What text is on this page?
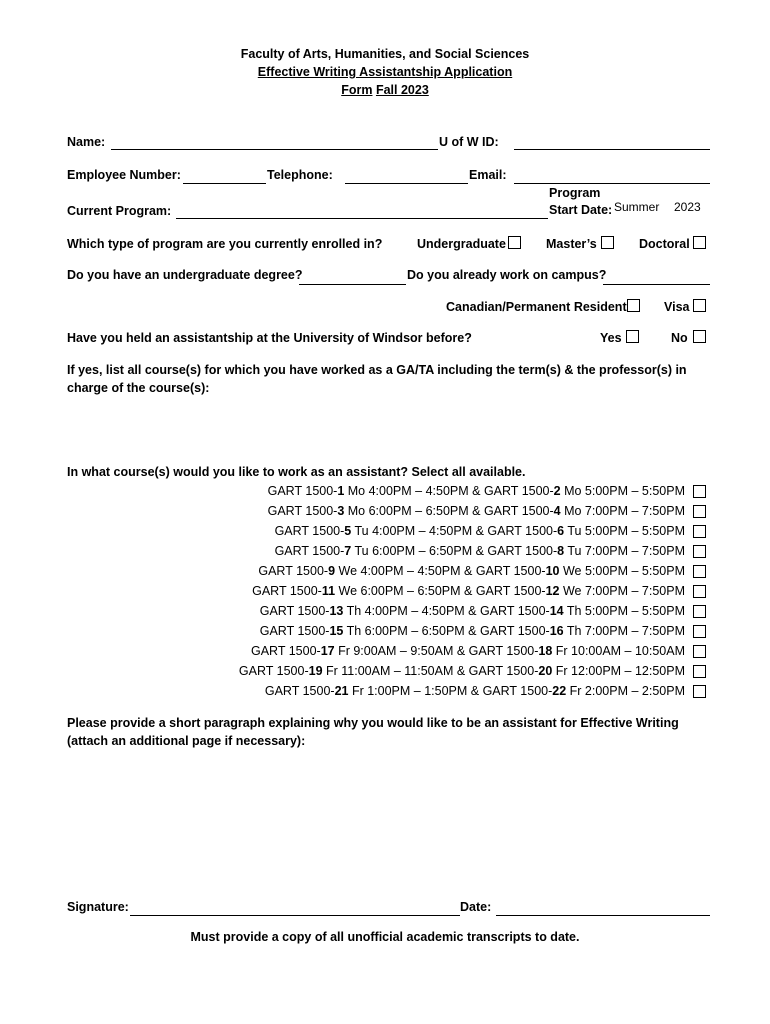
Faculty of Arts, Humanities, and Social Sciences
Effective Writing Assistantship Application
Form Fall 2023
Name:	U of W ID:
Employee Number:	Telephone:	Email:
Current Program:
Program
Start Date: Summer 2023
Which type of program are you currently enrolled in?	Undergraduate	Master’s	Doctoral
Do you have an undergraduate degree?	Do you already work on campus?
Canadian/Permanent Resident	Visa
Have you held an assistantship at the University of Windsor before?	Yes	No
If yes, list all course(s) for which you have worked as a GA/TA including the term(s) & the professor(s) in charge of the course(s):
In what course(s) would you like to work as an assistant? Select all available.
GART 1500-1 Mo 4:00PM – 4:50PM & GART 1500-2 Mo 5:00PM – 5:50PM
GART 1500-3 Mo 6:00PM – 6:50PM & GART 1500-4 Mo 7:00PM – 7:50PM
GART 1500-5 Tu 4:00PM – 4:50PM & GART 1500-6 Tu 5:00PM – 5:50PM
GART 1500-7 Tu 6:00PM – 6:50PM & GART 1500-8 Tu 7:00PM – 7:50PM
GART 1500-9 We 4:00PM – 4:50PM & GART 1500-10 We 5:00PM – 5:50PM
GART 1500-11 We 6:00PM – 6:50PM & GART 1500-12 We 7:00PM – 7:50PM
GART 1500-13 Th 4:00PM – 4:50PM & GART 1500-14 Th 5:00PM – 5:50PM
GART 1500-15 Th 6:00PM – 6:50PM & GART 1500-16 Th 7:00PM – 7:50PM
GART 1500-17 Fr 9:00AM – 9:50AM & GART 1500-18 Fr 10:00AM – 10:50AM
GART 1500-19 Fr 11:00AM – 11:50AM & GART 1500-20 Fr 12:00PM – 12:50PM
GART 1500-21 Fr 1:00PM – 1:50PM & GART 1500-22 Fr 2:00PM – 2:50PM
Please provide a short paragraph explaining why you would like to be an assistant for Effective Writing (attach an additional page if necessary):
Signature:	Date:
Must provide a copy of all unofficial academic transcripts to date.
